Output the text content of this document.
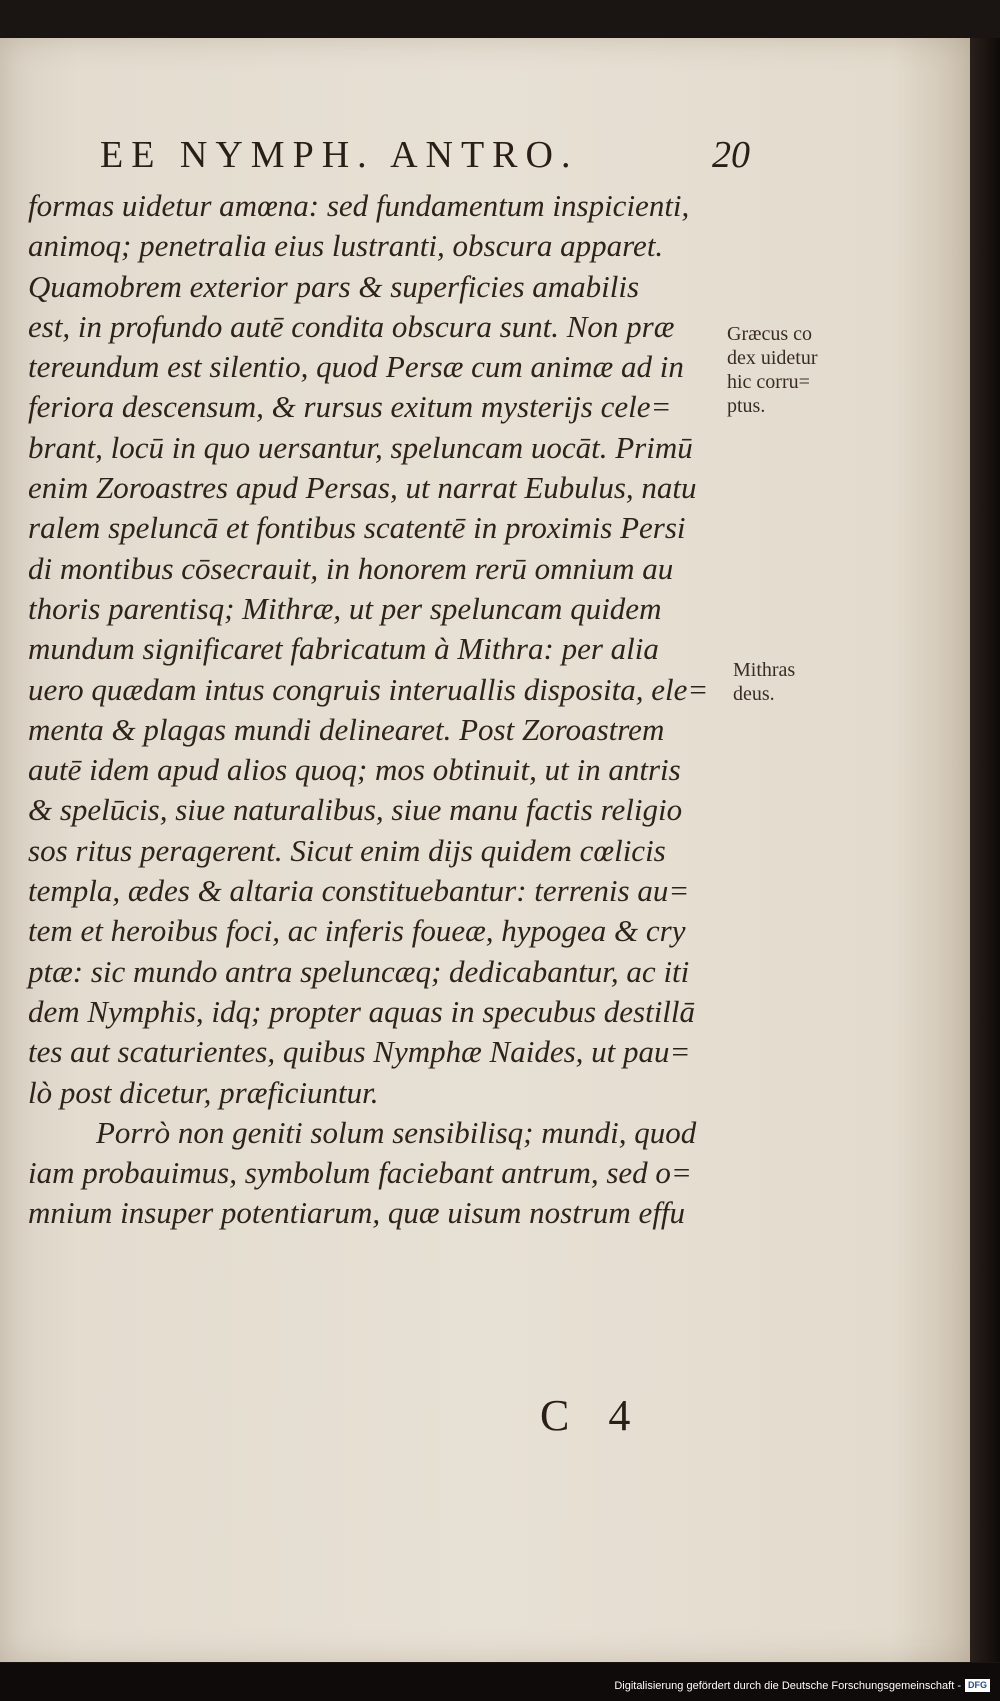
EE NYMPH. ANTRO.	20
formas uidetur amœna: sed fundamentum inspicienti,
animoq; penetralia eius lustranti, obscura apparet.
Quamobrem exterior pars & superficies amabilis
est, in profundo autē condita obscura sunt. Non præ
tereundum est silentio, quod Persæ cum animæ ad in
feriora descensum, & rursus exitum mysterijs cele=
brant, locū in quo uersantur, speluncam uocāt. Primū
enim Zoroastres apud Persas, ut narrat Eubulus, natu
ralem speluncā et fontibus scatentē in proximis Persi
di montibus cōsecrauit, in honorem rerū omnium au
thoris parentisq; Mithræ, ut per speluncam quidem
mundum significaret fabricatum à Mithra: per alia
uero quædam intus congruis interuallis disposita, ele=
menta & plagas mundi delinearet. Post Zoroastrem
autē idem apud alios quoq; mos obtinuit, ut in antris
& spelūcis, siue naturalibus, siue manu factis religio
sos ritus peragerent. Sicut enim dijs quidem cœlicis
templa, ædes & altaria constituebantur: terrenis au=
tem et heroibus foci, ac inferis foueæ, hypogea & cry
ptæ: sic mundo antra speluncæq; dedicabantur, ac iti
dem Nymphis, idq; propter aquas in specubus destillā
tes aut scaturientes, quibus Nymphæ Naides, ut pau=
lò post dicetur, præficiuntur.
Porrò non geniti solum sensibilisq; mundi, quod
iam probauimus, symbolum faciebant antrum, sed o=
mnium insuper potentiarum, quæ uisum nostrum effu
Græcus co
dex uidetur
hic corru=
ptus.
Mithras
deus.
C 4
Digitalisierung gefördert durch die Deutsche Forschungsgemeinschaft - DFG
